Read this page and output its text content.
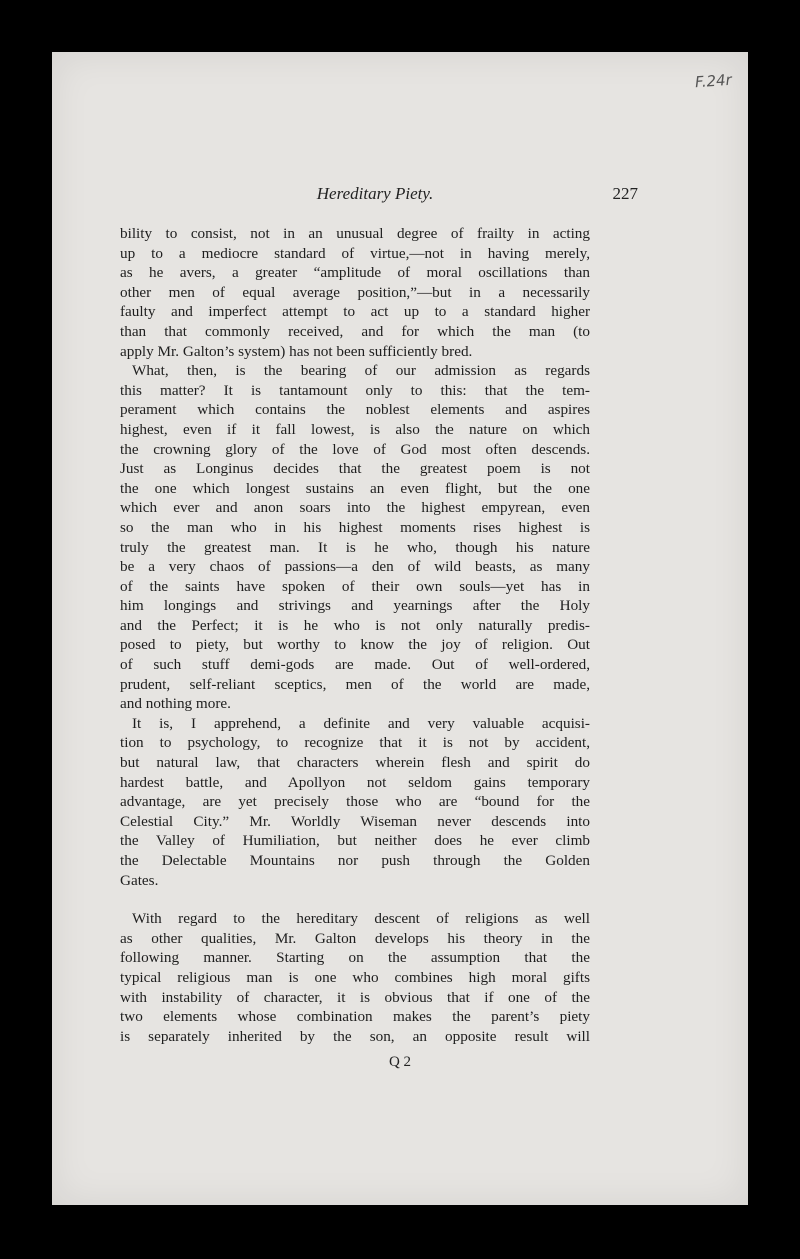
F.24r
Hereditary Piety.	227
bility to consist, not in an unusual degree of frailty in acting
up to a mediocre standard of virtue,—not in having merely,
as he avers, a greater “amplitude of moral oscillations than
other men of equal average position,”—but in a necessarily
faulty and imperfect attempt to act up to a standard higher
than that commonly received, and for which the man (to
apply Mr. Galton’s system) has not been sufficiently bred.
What, then, is the bearing of our admission as regards
this matter? It is tantamount only to this: that the tem-
perament which contains the noblest elements and aspires
highest, even if it fall lowest, is also the nature on which
the crowning glory of the love of God most often descends.
Just as Longinus decides that the greatest poem is not
the one which longest sustains an even flight, but the one
which ever and anon soars into the highest empyrean, even
so the man who in his highest moments rises highest is
truly the greatest man. It is he who, though his nature
be a very chaos of passions—a den of wild beasts, as many
of the saints have spoken of their own souls—yet has in
him longings and strivings and yearnings after the Holy
and the Perfect; it is he who is not only naturally predis-
posed to piety, but worthy to know the joy of religion. Out
of such stuff demi-gods are made. Out of well-ordered,
prudent, self-reliant sceptics, men of the world are made,
and nothing more.
It is, I apprehend, a definite and very valuable acquisi-
tion to psychology, to recognize that it is not by accident,
but natural law, that characters wherein flesh and spirit do
hardest battle, and Apollyon not seldom gains temporary
advantage, are yet precisely those who are “bound for the
Celestial City.” Mr. Worldly Wiseman never descends into
the Valley of Humiliation, but neither does he ever climb
the Delectable Mountains nor push through the Golden
Gates.
With regard to the hereditary descent of religions as well
as other qualities, Mr. Galton develops his theory in the
following manner. Starting on the assumption that the
typical religious man is one who combines high moral gifts
with instability of character, it is obvious that if one of the
two elements whose combination makes the parent’s piety
is separately inherited by the son, an opposite result will
Q 2
